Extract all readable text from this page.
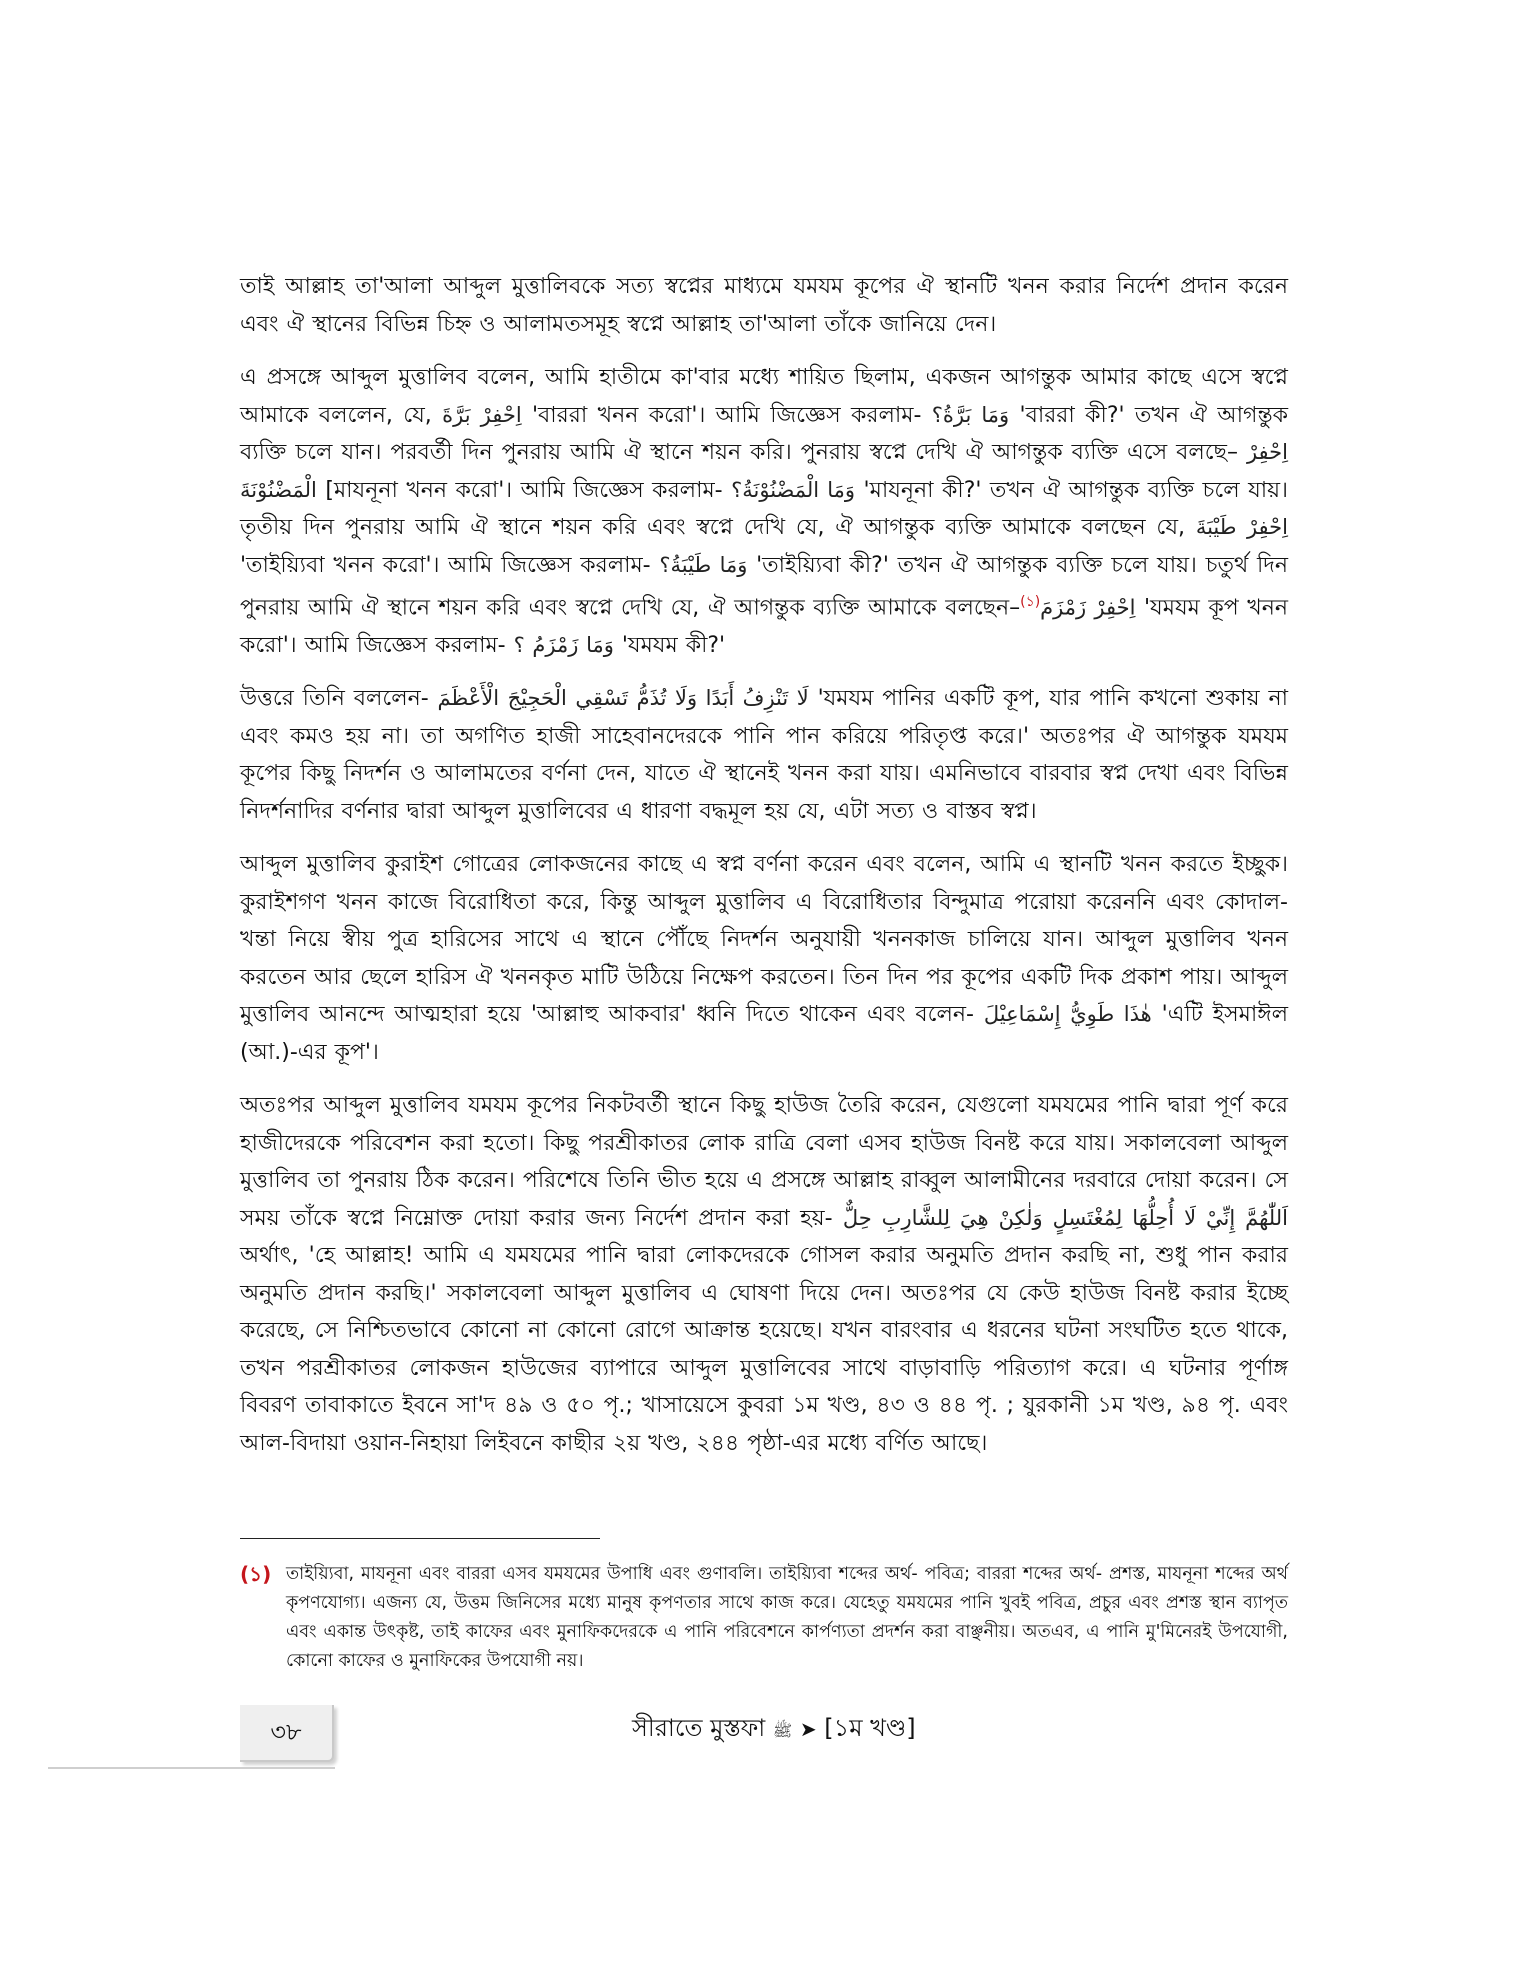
তাই আল্লাহ তা'আলা আব্দুল মুত্তালিবকে সত্য স্বপ্নের মাধ্যমে যমযম কূপের ঐ স্থানটি খনন করার নির্দেশ প্রদান করেন এবং ঐ স্থানের বিভিন্ন চিহ্ন ও আলামতসমূহ স্বপ্নে আল্লাহ তা'আলা তাঁকে জানিয়ে দেন।

এ প্রসঙ্গে আব্দুল মুত্তালিব বলেন, আমি হাতীমে কা'বার মধ্যে শায়িত ছিলাম, একজন আগন্তুক আমার কাছে এসে স্বপ্নে আমাকে বললেন, যে, اِحْفِرْ بَرَّةَ 'বাররা খনন করো'। আমি জিজ্ঞেস করলাম- وَمَا بَرَّةُ؟ 'বাররা কী?' তখন ঐ আগন্তুক ব্যক্তি চলে যান। পরবর্তী দিন পুনরায় আমি ঐ স্থানে শয়ন করি। পুনরায় স্বপ্নে দেখি ঐ আগন্তুক ব্যক্তি এসে বলছে– اِحْفِرْ الْمَضْنُوْنَةَ [মাযনূনা খনন করো'। আমি জিজ্ঞেস করলাম- وَمَا الْمَضْنُوْنَةُ؟ 'মাযনূনা কী?' তখন ঐ আগন্তুক ব্যক্তি চলে যায়। তৃতীয় দিন পুনরায় আমি ঐ স্থানে শয়ন করি এবং স্বপ্নে দেখি যে, ঐ আগন্তুক ব্যক্তি আমাকে বলছেন যে, اِحْفِرْ طَيْبَةَ 'তাইয়্যিবা খনন করো'। আমি জিজ্ঞেস করলাম- وَمَا طَيْبَةُ؟ 'তাইয়্যিবা কী?' তখন ঐ আগন্তুক ব্যক্তি চলে যায়। চতুর্থ দিন পুনরায় আমি ঐ স্থানে শয়ন করি এবং স্বপ্নে দেখি যে, ঐ আগন্তুক ব্যক্তি আমাকে বলছেন–$^{(১)}$اِحْفِرْ زَمْزَمَ 'যমযম কূপ খনন করো'। আমি জিজ্ঞেস করলাম- وَمَا زَمْزَمُ ؟ 'যমযম কী?'

উত্তরে তিনি বললেন- لَا تَنْزِفُ أَبَدًا وَلَا تُذَمُّ تَسْقِي الْحَجِيْجَ الْأَعْظَمَ 'যমযম পানির একটি কূপ, যার পানি কখনো শুকায় না এবং কমও হয় না। তা অগণিত হাজী সাহেবানদেরকে পানি পান করিয়ে পরিতৃপ্ত করে।' অতঃপর ঐ আগন্তুক যমযম কূপের কিছু নিদর্শন ও আলামতের বর্ণনা দেন, যাতে ঐ স্থানেই খনন করা যায়। এমনিভাবে বারবার স্বপ্ন দেখা এবং বিভিন্ন নিদর্শনাদির বর্ণনার দ্বারা আব্দুল মুত্তালিবের এ ধারণা বদ্ধমূল হয় যে, এটা সত্য ও বাস্তব স্বপ্ন।

আব্দুল মুত্তালিব কুরাইশ গোত্রের লোকজনের কাছে এ স্বপ্ন বর্ণনা করেন এবং বলেন, আমি এ স্থানটি খনন করতে ইচ্ছুক। কুরাইশগণ খনন কাজে বিরোধিতা করে, কিন্তু আব্দুল মুত্তালিব এ বিরোধিতার বিন্দুমাত্র পরোয়া করেননি এবং কোদাল-খন্তা নিয়ে স্বীয় পুত্র হারিসের সাথে এ স্থানে পৌঁছে নিদর্শন অনুযায়ী খননকাজ চালিয়ে যান। আব্দুল মুত্তালিব খনন করতেন আর ছেলে হারিস ঐ খননকৃত মাটি উঠিয়ে নিক্ষেপ করতেন। তিন দিন পর কূপের একটি দিক প্রকাশ পায়। আব্দুল মুত্তালিব আনন্দে আত্মহারা হয়ে 'আল্লাহু আকবার' ধ্বনি দিতে থাকেন এবং বলেন- هٰذَا طَوِيُّ إِسْمَاعِيْلَ 'এটি ইসমাঈল (আ.)-এর কূপ'।

অতঃপর আব্দুল মুত্তালিব যমযম কূপের নিকটবর্তী স্থানে কিছু হাউজ তৈরি করেন, যেগুলো যমযমের পানি দ্বারা পূর্ণ করে হাজীদেরকে পরিবেশন করা হতো। কিছু পরশ্রীকাতর লোক রাত্রি বেলা এসব হাউজ বিনষ্ট করে যায়। সকালবেলা আব্দুল মুত্তালিব তা পুনরায় ঠিক করেন। পরিশেষে তিনি ভীত হয়ে এ প্রসঙ্গে আল্লাহ রাব্বুল আলামীনের দরবারে দোয়া করেন। সে সময় তাঁকে স্বপ্নে নিম্নোক্ত দোয়া করার জন্য নির্দেশ প্রদান করা হয়- اَللّٰهُمَّ إِنِّيْ لَا أُحِلُّهَا لِمُغْتَسِلٍ وَلٰكِنْ هِيَ لِلشَّارِبِ حِلٌّ অর্থাৎ, 'হে আল্লাহ! আমি এ যমযমের পানি দ্বারা লোকদেরকে গোসল করার অনুমতি প্রদান করছি না, শুধু পান করার অনুমতি প্রদান করছি।' সকালবেলা আব্দুল মুত্তালিব এ ঘোষণা দিয়ে দেন। অতঃপর যে কেউ হাউজ বিনষ্ট করার ইচ্ছে করেছে, সে নিশ্চিতভাবে কোনো না কোনো রোগে আক্রান্ত হয়েছে। যখন বারংবার এ ধরনের ঘটনা সংঘটিত হতে থাকে, তখন পরশ্রীকাতর লোকজন হাউজের ব্যাপারে আব্দুল মুত্তালিবের সাথে বাড়াবাড়ি পরিত্যাগ করে। এ ঘটনার পূর্ণাঙ্গ বিবরণ তাবাকাতে ইবনে সা'দ ৪৯ ও ৫০ পৃ.; খাসায়েসে কুবরা ১ম খণ্ড, ৪৩ ও ৪৪ পৃ. ; যুরকানী ১ম খণ্ড, ৯৪ পৃ. এবং আল-বিদায়া ওয়ান-নিহায়া লিইবনে কাছীর ২য় খণ্ড, ২৪৪ পৃষ্ঠা-এর মধ্যে বর্ণিত আছে।

(১) তাইয়্যিবা, মাযনূনা এবং বাররা এসব যমযমের উপাধি এবং গুণাবলি। তাইয়্যিবা শব্দের অর্থ- পবিত্র; বাররা শব্দের অর্থ- প্রশস্ত, মাযনূনা শব্দের অর্থ কৃপণযোগ্য। এজন্য যে, উত্তম জিনিসের মধ্যে মানুষ কৃপণতার সাথে কাজ করে। যেহেতু যমযমের পানি খুবই পবিত্র, প্রচুর এবং প্রশস্ত স্থান ব্যাপৃত এবং একান্ত উৎকৃষ্ট, তাই কাফের এবং মুনাফিকদেরকে এ পানি পরিবেশনে কার্পণ্যতা প্রদর্শন করা বাঞ্ছনীয়। অতএব, এ পানি মু'মিনেরই উপযোগী, কোনো কাফের ও মুনাফিকের উপযোগী নয়।
৩৮	সীরাতে মুস্তফা ﷺ ➤ [১ম খণ্ড]
